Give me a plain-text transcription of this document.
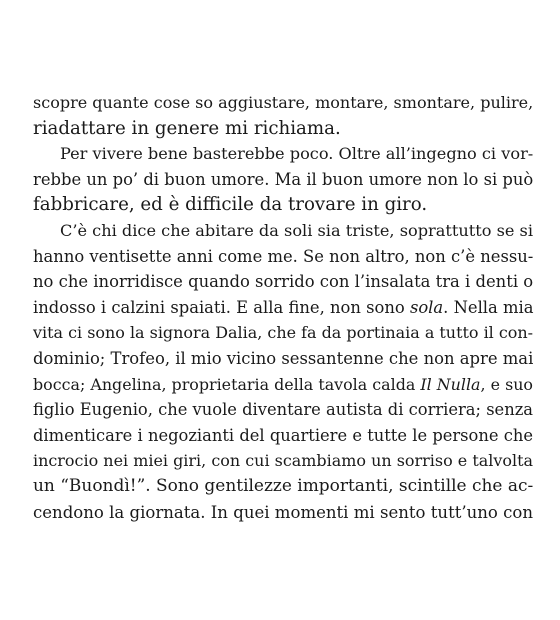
scopre quante cose so aggiustare, montare, smontare, pulire,
riadattare in genere mi richiama.
Per vivere bene basterebbe poco. Oltre all’ingegno ci vor-
rebbe un po’ di buon umore. Ma il buon umore non lo si può
fabbricare, ed è difficile da trovare in giro.
C’è chi dice che abitare da soli sia triste, soprattutto se si
hanno ventisette anni come me. Se non altro, non c’è nessu-
no che inorridisce quando sorrido con l’insalata tra i denti o
indosso i calzini spaiati. E alla fine, non sono sola. Nella mia
vita ci sono la signora Dalia, che fa da portinaia a tutto il con-
dominio; Trofeo, il mio vicino sessantenne che non apre mai
bocca; Angelina, proprietaria della tavola calda Il Nulla, e suo
figlio Eugenio, che vuole diventare autista di corriera; senza
dimenticare i negozianti del quartiere e tutte le persone che
incrocio nei miei giri, con cui scambiamo un sorriso e talvolta
un “Buondì!”. Sono gentilezze importanti, scintille che ac-
cendono la giornata. In quei momenti mi sento tutt’uno con
